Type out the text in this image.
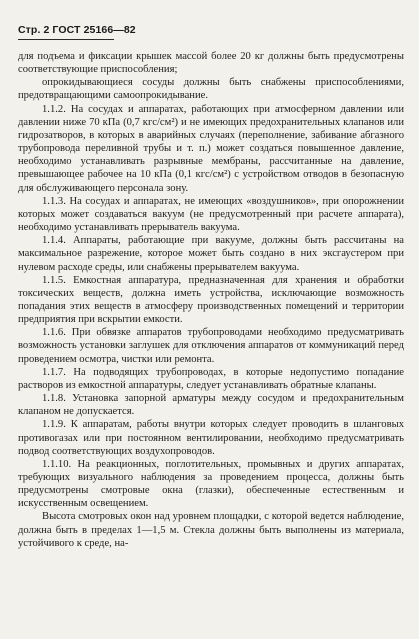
Стр. 2 ГОСТ 25166—82

для подъема и фиксации крышек массой более 20 кг должны быть предусмотрены соответствующие приспособления;

опрокидывающиеся сосуды должны быть снабжены приспособлениями, предотвращающими самоопрокидывание.

1.1.2. На сосудах и аппаратах, работающих при атмосферном давлении или давлении ниже 70 кПа (0,7 кгс/см²) и не имеющих предохранительных клапанов или гидрозатворов, в которых в аварийных случаях (переполнение, забивание абгазного трубопровода переливной трубы и т. п.) может создаться повышенное давление, необходимо устанавливать разрывные мембраны, рассчитанные на давление, превышающее рабочее на 10 кПа (0,1 кгс/см²) с устройством отводов в безопасную для обслуживающего персонала зону.

1.1.3. На сосудах и аппаратах, не имеющих «воздушников», при опорожнении которых может создаваться вакуум (не предусмотренный при расчете аппарата), необходимо устанавливать прерыватель вакуума.

1.1.4. Аппараты, работающие при вакууме, должны быть рассчитаны на максимальное разрежение, которое может быть создано в них эксгаустером при нулевом расходе среды, или снабжены прерывателем вакуума.

1.1.5. Емкостная аппаратура, предназначенная для хранения и обработки токсических веществ, должна иметь устройства, исключающие возможность попадания этих веществ в атмосферу производственных помещений и территории предприятия при вскрытии емкости.

1.1.6. При обвязке аппаратов трубопроводами необходимо предусматривать возможность установки заглушек для отключения аппаратов от коммуникаций перед проведением осмотра, чистки или ремонта.

1.1.7. На подводящих трубопроводах, в которые недопустимо попадание растворов из емкостной аппаратуры, следует устанавливать обратные клапаны.

1.1.8. Установка запорной арматуры между сосудом и предохранительным клапаном не допускается.

1.1.9. К аппаратам, работы внутри которых следует проводить в шланговых противогазах или при постоянном вентилировании, необходимо предусматривать подвод соответствующих воздухопроводов.

1.1.10. На реакционных, поглотительных, промывных и других аппаратах, требующих визуального наблюдения за проведением процесса, должны быть предусмотрены смотровые окна (глазки), обеспеченные естественным и искусственным освещением.

Высота смотровых окон над уровнем площадки, с которой ведется наблюдение, должна быть в пределах 1—1,5 м. Стекла должны быть выполнены из материала, устойчивого к среде, на-
